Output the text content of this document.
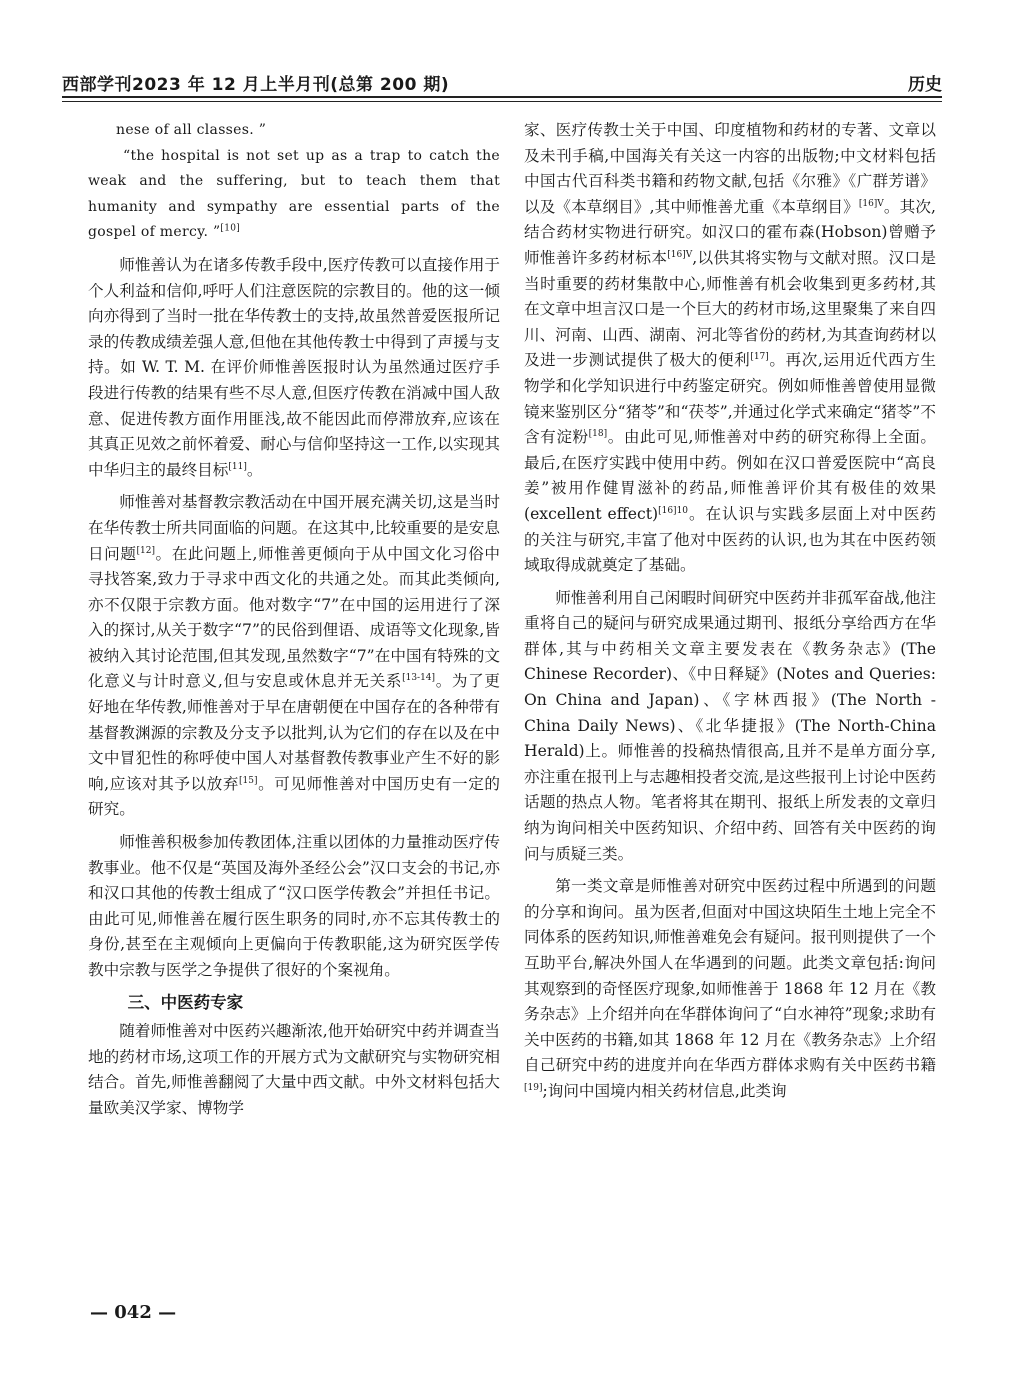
西部学刊2023 年 12 月上半月刊(总第 200 期)	历史

nese of all classes. ”

“the hospital is not set up as a trap to catch the weak and the suffering, but to teach them that humanity and sympathy are essential parts of the gospel of mercy. ”[10]

师惟善认为在诸多传教手段中,医疗传教可以直接作用于个人利益和信仰,呼吁人们注意医院的宗教目的。他的这一倾向亦得到了当时一批在华传教士的支持,故虽然普爱医报所记录的传教成绩差强人意,但他在其他传教士中得到了声援与支持。如 W. T. M. 在评价师惟善医报时认为虽然通过医疗手段进行传教的结果有些不尽人意,但医疗传教在消减中国人敌意、促进传教方面作用匪浅,故不能因此而停滞放弃,应该在其真正见效之前怀着爱、耐心与信仰坚持这一工作,以实现其中华归主的最终目标[11]。

师惟善对基督教宗教活动在中国开展充满关切,这是当时在华传教士所共同面临的问题。在这其中,比较重要的是安息日问题[12]。在此问题上,师惟善更倾向于从中国文化习俗中寻找答案,致力于寻求中西文化的共通之处。而其此类倾向,亦不仅限于宗教方面。他对数字“7”在中国的运用进行了深入的探讨,从关于数字“7”的民俗到俚语、成语等文化现象,皆被纳入其讨论范围,但其发现,虽然数字“7”在中国有特殊的文化意义与计时意义,但与安息或休息并无关系[13-14]。为了更好地在华传教,师惟善对于早在唐朝便在中国存在的各种带有基督教渊源的宗教及分支予以批判,认为它们的存在以及在中文中冒犯性的称呼使中国人对基督教传教事业产生不好的影响,应该对其予以放弃[15]。可见师惟善对中国历史有一定的研究。

师惟善积极参加传教团体,注重以团体的力量推动医疗传教事业。他不仅是“英国及海外圣经公会”汉口支会的书记,亦和汉口其他的传教士组成了“汉口医学传教会”并担任书记。由此可见,师惟善在履行医生职务的同时,亦不忘其传教士的身份,甚至在主观倾向上更偏向于传教职能,这为研究医学传教中宗教与医学之争提供了很好的个案视角。

三、中医药专家

随着师惟善对中医药兴趣渐浓,他开始研究中药并调查当地的药材市场,这项工作的开展方式为文献研究与实物研究相结合。首先,师惟善翻阅了大量中西文献。中外文材料包括大量欧美汉学家、博物学

家、医疗传教士关于中国、印度植物和药材的专著、文章以及未刊手稿,中国海关有关这一内容的出版物;中文材料包括中国古代百科类书籍和药物文献,包括《尔雅》《广群芳谱》以及《本草纲目》,其中师惟善尤重《本草纲目》$^{[16]V}$。其次,结合药材实物进行研究。如汉口的霍布森(Hobson)曾赠予师惟善许多药材标本$^{[16]V}$,以供其将实物与文献对照。汉口是当时重要的药材集散中心,师惟善有机会收集到更多药材,其在文章中坦言汉口是一个巨大的药材市场,这里聚集了来自四川、河南、山西、湖南、河北等省份的药材,为其查询药材以及进一步测试提供了极大的便利[17]。再次,运用近代西方生物学和化学知识进行中药鉴定研究。例如师惟善曾使用显微镜来鉴别区分“猪苓”和“茯苓”,并通过化学式来确定“猪苓”不含有淀粉[18]。由此可见,师惟善对中药的研究称得上全面。最后,在医疗实践中使用中药。例如在汉口普爱医院中“高良姜”被用作健胃滋补的药品,师惟善评价其有极佳的效果(excellent effect)$^{[16]10}$。在认识与实践多层面上对中医药的关注与研究,丰富了他对中医药的认识,也为其在中医药领域取得成就奠定了基础。

师惟善利用自己闲暇时间研究中医药并非孤军奋战,他注重将自己的疑问与研究成果通过期刊、报纸分享给西方在华群体,其与中药相关文章主要发表在《教务杂志》(The Chinese Recorder)、《中日释疑》(Notes and Queries: On China and Japan)、《字林西报》(The North - China Daily News)、《北华捷报》(The North-China Herald)上。师惟善的投稿热情很高,且并不是单方面分享,亦注重在报刊上与志趣相投者交流,是这些报刊上讨论中医药话题的热点人物。笔者将其在期刊、报纸上所发表的文章归纳为询问相关中医药知识、介绍中药、回答有关中医药的询问与质疑三类。

第一类文章是师惟善对研究中医药过程中所遇到的问题的分享和询问。虽为医者,但面对中国这块陌生土地上完全不同体系的医药知识,师惟善难免会有疑问。报刊则提供了一个互助平台,解决外国人在华遇到的问题。此类文章包括:询问其观察到的奇怪医疗现象,如师惟善于 1868 年 12 月在《教务杂志》上介绍并向在华群体询问了“白水神符”现象;求助有关中医药的书籍,如其 1868 年 12 月在《教务杂志》上介绍自己研究中药的进度并向在华西方群体求购有关中医药书籍[19];询问中国境内相关药材信息,此类询

— 042 —
